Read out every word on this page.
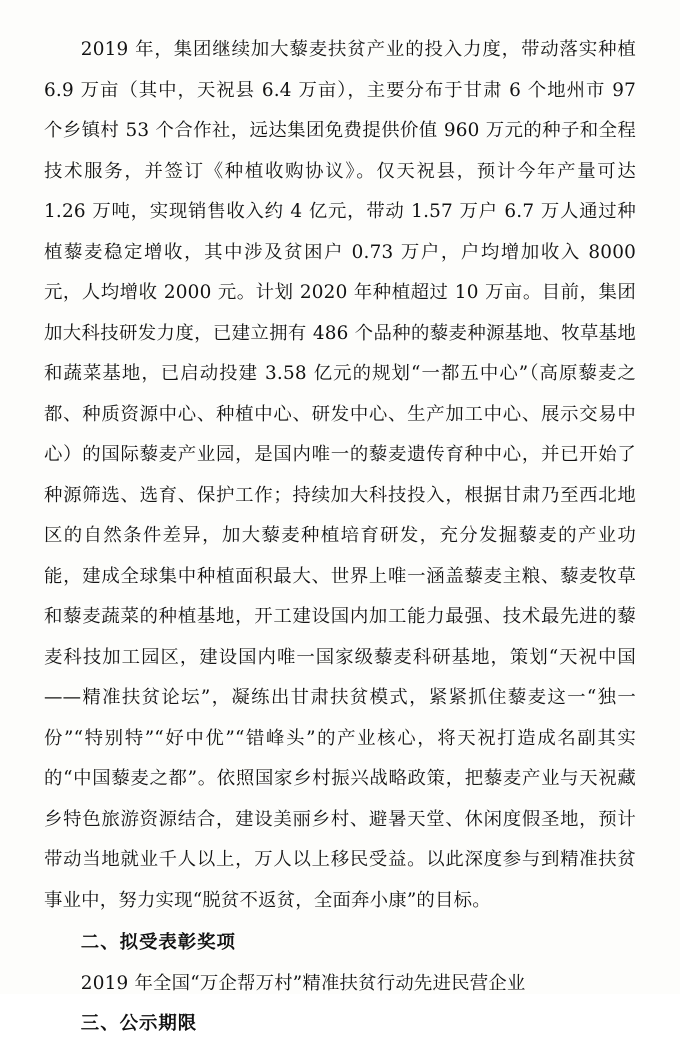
2019 年，集团继续加大藜麦扶贫产业的投入力度，带动落实种植 6.9 万亩（其中，天祝县 6.4 万亩），主要分布于甘肃 6 个地州市 97 个乡镇村 53 个合作社，远达集团免费提供价值 960 万元的种子和全程技术服务，并签订《种植收购协议》。仅天祝县，预计今年产量可达 1.26 万吨，实现销售收入约 4 亿元，带动 1.57 万户 6.7 万人通过种植藜麦稳定增收，其中涉及贫困户 0.73 万户，户均增加收入 8000 元，人均增收 2000 元。计划 2020 年种植超过 10 万亩。目前，集团加大科技研发力度，已建立拥有 486 个品种的藜麦种源基地、牧草基地和蔬菜基地，已启动投建 3.58 亿元的规划“一都五中心”（高原藜麦之都、种质资源中心、种植中心、研发中心、生产加工中心、展示交易中心）的国际藜麦产业园，是国内唯一的藜麦遗传育种中心，并已开始了种源筛选、选育、保护工作；持续加大科技投入，根据甘肃乃至西北地区的自然条件差异，加大藜麦种植培育研发，充分发掘藜麦的产业功能，建成全球集中种植面积最大、世界上唯一涵盖藜麦主粮、藜麦牧草和藜麦蔬菜的种植基地，开工建设国内加工能力最强、技术最先进的藜麦科技加工园区，建设国内唯一国家级藜麦科研基地，策划“天祝中国——精准扶贫论坛”，凝练出甘肃扶贫模式，紧紧抓住藜麦这一“独一份”“特别特”“好中优”“错峰头”的产业核心，将天祝打造成名副其实的“中国藜麦之都”。依照国家乡村振兴战略政策，把藜麦产业与天祝藏乡特色旅游资源结合，建设美丽乡村、避暑天堂、休闲度假圣地，预计带动当地就业千人以上，万人以上移民受益。以此深度参与到精准扶贫事业中，努力实现“脱贫不返贫，全面奔小康”的目标。

二、拟受表彰奖项

2019 年全国“万企帮万村”精准扶贫行动先进民营企业

三、公示期限
